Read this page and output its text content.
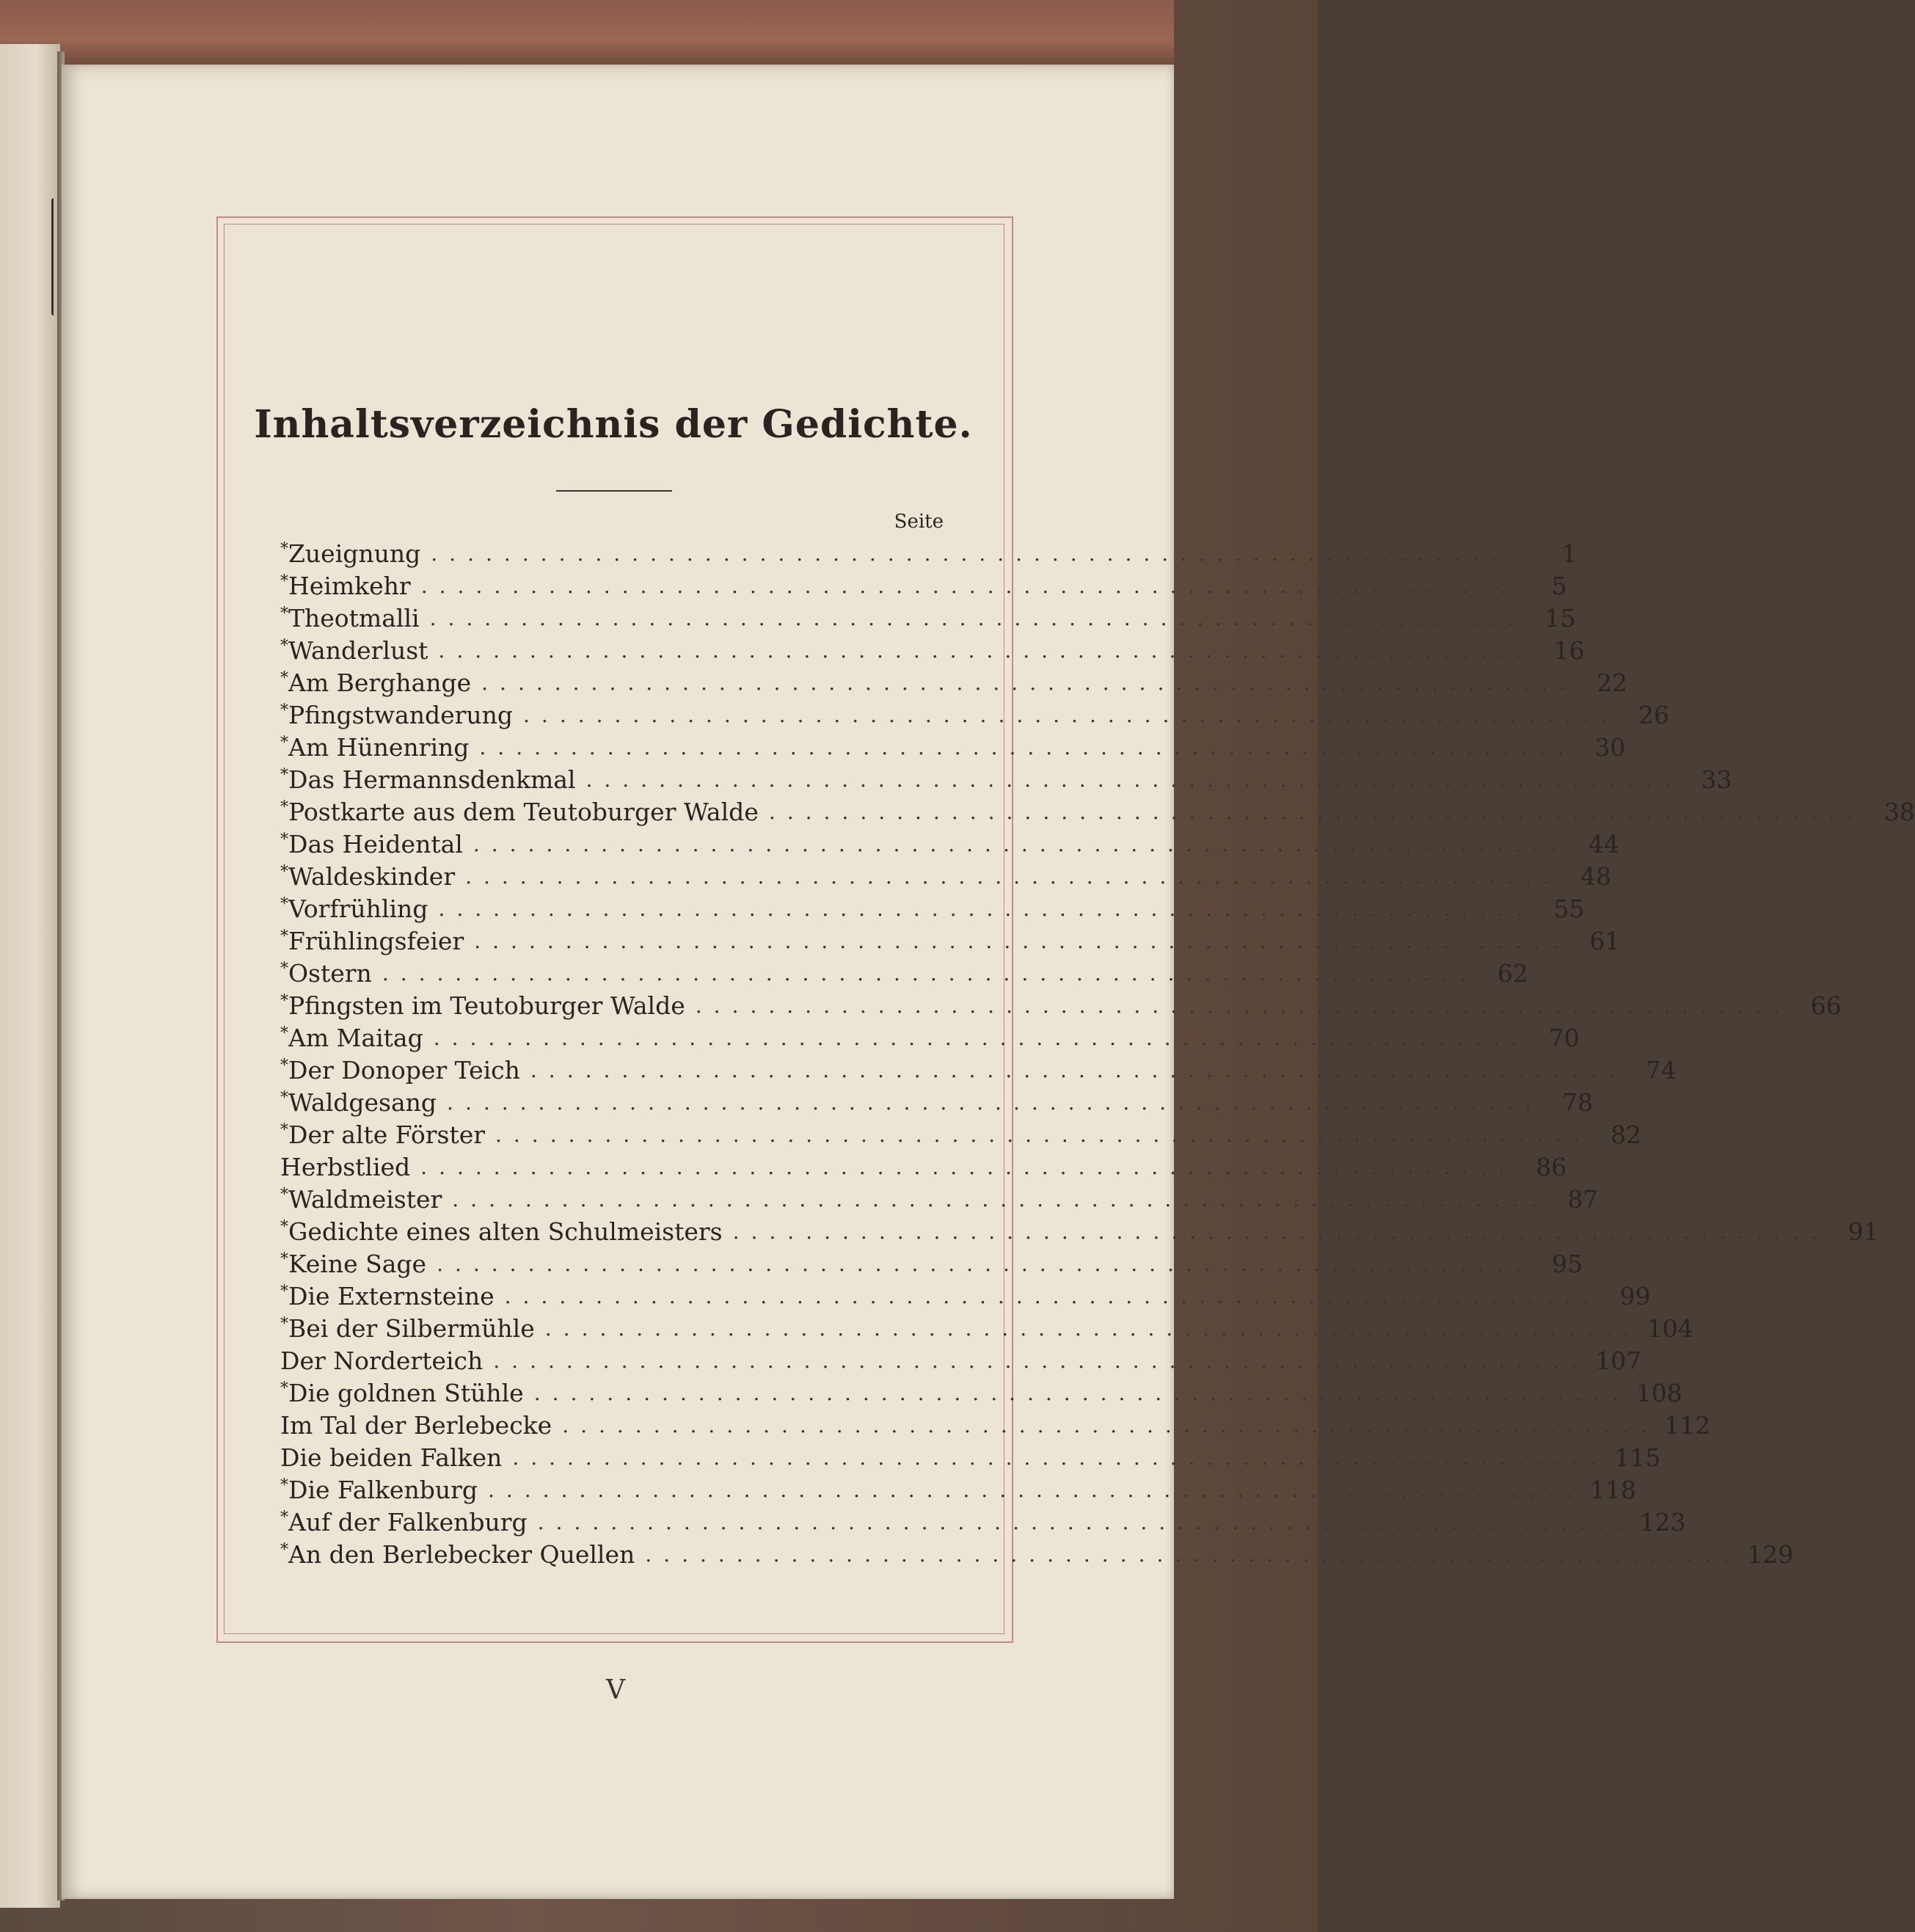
Inhaltsverzeichnis der Gedichte.
Seite
* Zueignung ............................................................	1
* Heimkehr ............................................................	5
* Theotmalli ............................................................ 15
* Wanderlust ............................................................ 16
* Am Berghange ............................................................ 22
* Pfingstwanderung ............................................................ 26
* Am Hünenring ............................................................ 30
* Das Hermannsdenkmal ............................................................ 33
* Postkarte aus dem Teutoburger Walde ............................................................ 38
* Das Heidental ............................................................ 44
* Waldeskinder ............................................................ 48
* Vorfrühling ............................................................ 55
* Frühlingsfeier ............................................................ 61
* Ostern ............................................................ 62
* Pfingsten im Teutoburger Walde ............................................................ 66
* Am Maitag ............................................................ 70
* Der Donoper Teich ............................................................ 74
* Waldgesang ............................................................ 78
* Der alte Förster ............................................................ 82
Herbstlied ............................................................ 86
* Waldmeister ............................................................ 87
* Gedichte eines alten Schulmeisters ............................................................ 91
* Keine Sage ............................................................ 95
* Die Externsteine ............................................................ 99
* Bei der Silbermühle ............................................................ 104
Der Norderteich ............................................................ 107
* Die goldnen Stühle ............................................................ 108
Im Tal der Berlebecke ............................................................ 112
Die beiden Falken ............................................................ 115
* Die Falkenburg ............................................................ 118
* Auf der Falkenburg ............................................................ 123
* An den Berlebecker Quellen ............................................................ 129
V
